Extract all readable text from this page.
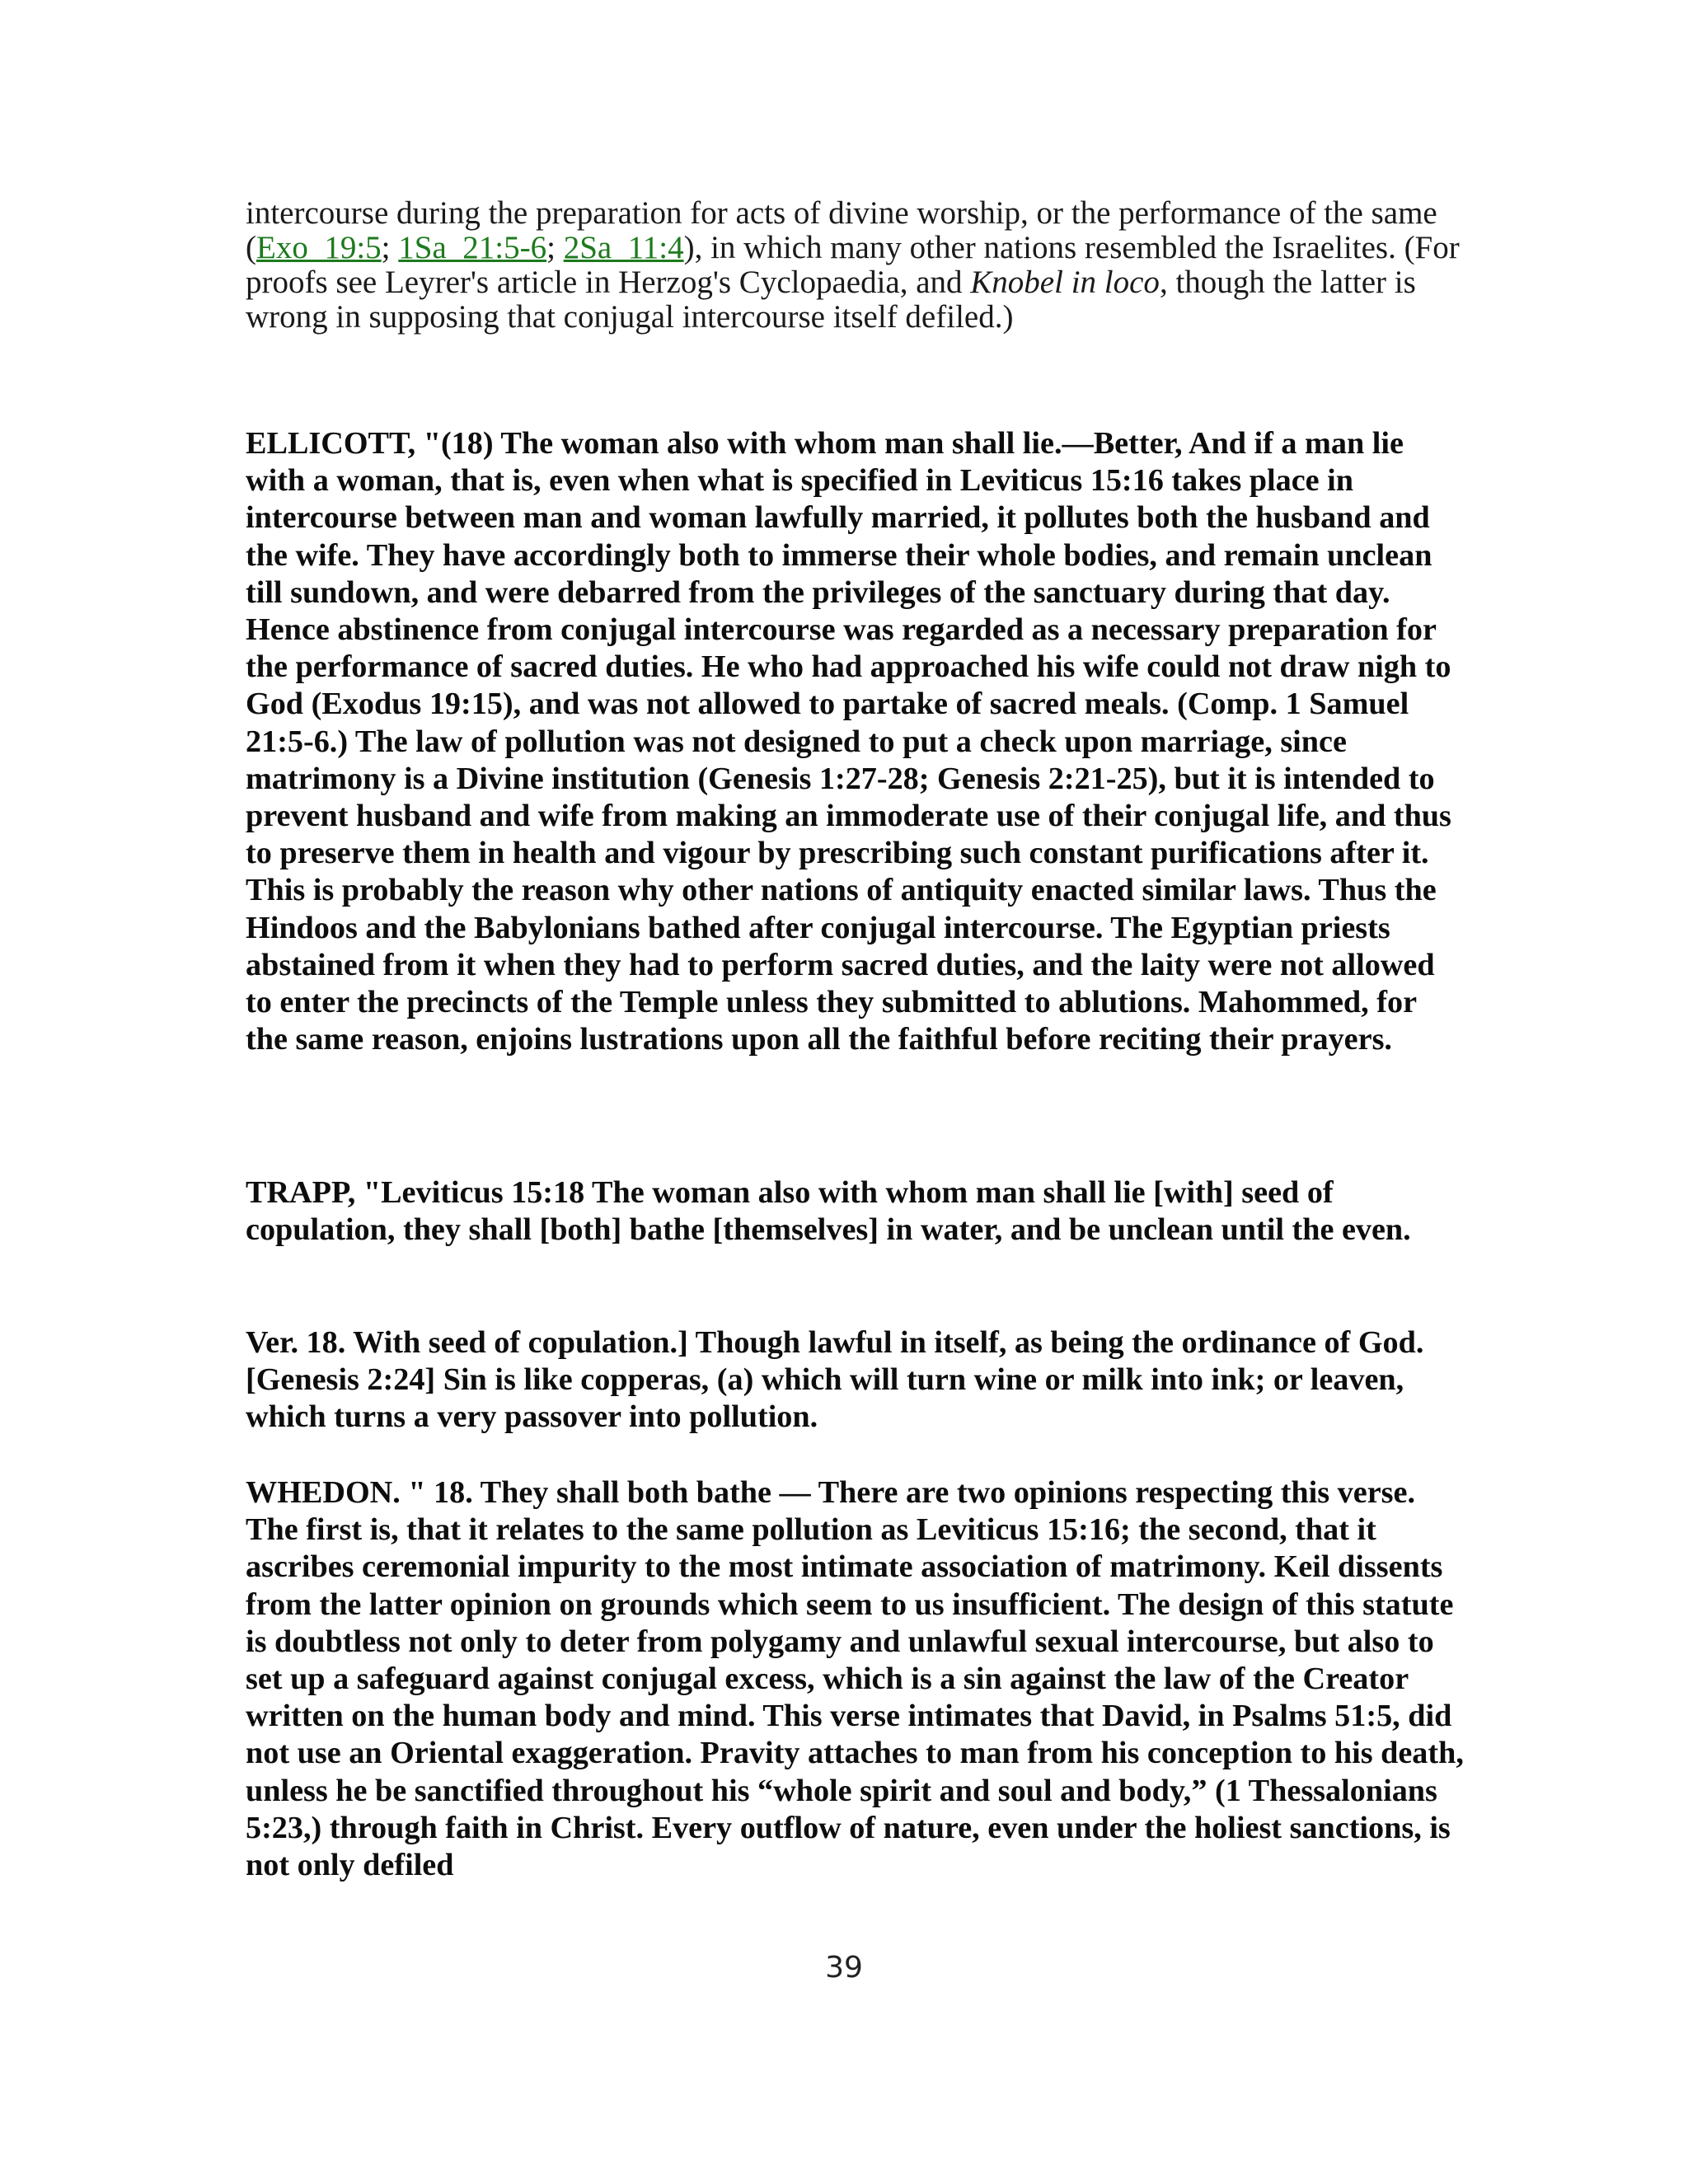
intercourse during the preparation for acts of divine worship, or the performance of the same (Exo_19:5; 1Sa_21:5-6; 2Sa_11:4), in which many other nations resembled the Israelites. (For proofs see Leyrer's article in Herzog's Cyclopaedia, and Knobel in loco, though the latter is wrong in supposing that conjugal intercourse itself defiled.)

ELLICOTT, "(18) The woman also with whom man shall lie.—Better, And if a man lie with a woman, that is, even when what is specified in Leviticus 15:16 takes place in intercourse between man and woman lawfully married, it pollutes both the husband and the wife. They have accordingly both to immerse their whole bodies, and remain unclean till sundown, and were debarred from the privileges of the sanctuary during that day. Hence abstinence from conjugal intercourse was regarded as a necessary preparation for the performance of sacred duties. He who had approached his wife could not draw nigh to God (Exodus 19:15), and was not allowed to partake of sacred meals. (Comp. 1 Samuel 21:5-6.) The law of pollution was not designed to put a check upon marriage, since matrimony is a Divine institution (Genesis 1:27-28; Genesis 2:21-25), but it is intended to prevent husband and wife from making an immoderate use of their conjugal life, and thus to preserve them in health and vigour by prescribing such constant purifications after it. This is probably the reason why other nations of antiquity enacted similar laws. Thus the Hindoos and the Babylonians bathed after conjugal intercourse. The Egyptian priests abstained from it when they had to perform sacred duties, and the laity were not allowed to enter the precincts of the Temple unless they submitted to ablutions. Mahommed, for the same reason, enjoins lustrations upon all the faithful before reciting their prayers.

TRAPP, "Leviticus 15:18 The woman also with whom man shall lie [with] seed of copulation, they shall [both] bathe [themselves] in water, and be unclean until the even.

Ver. 18. With seed of copulation.] Though lawful in itself, as being the ordinance of God. [Genesis 2:24] Sin is like copperas, (a) which will turn wine or milk into ink; or leaven, which turns a very passover into pollution.

WHEDON. " 18. They shall both bathe — There are two opinions respecting this verse. The first is, that it relates to the same pollution as Leviticus 15:16; the second, that it ascribes ceremonial impurity to the most intimate association of matrimony. Keil dissents from the latter opinion on grounds which seem to us insufficient. The design of this statute is doubtless not only to deter from polygamy and unlawful sexual intercourse, but also to set up a safeguard against conjugal excess, which is a sin against the law of the Creator written on the human body and mind. This verse intimates that David, in Psalms 51:5, did not use an Oriental exaggeration. Pravity attaches to man from his conception to his death, unless he be sanctified throughout his “whole spirit and soul and body,” (1 Thessalonians 5:23,) through faith in Christ. Every outflow of nature, even under the holiest sanctions, is not only defiled

39
